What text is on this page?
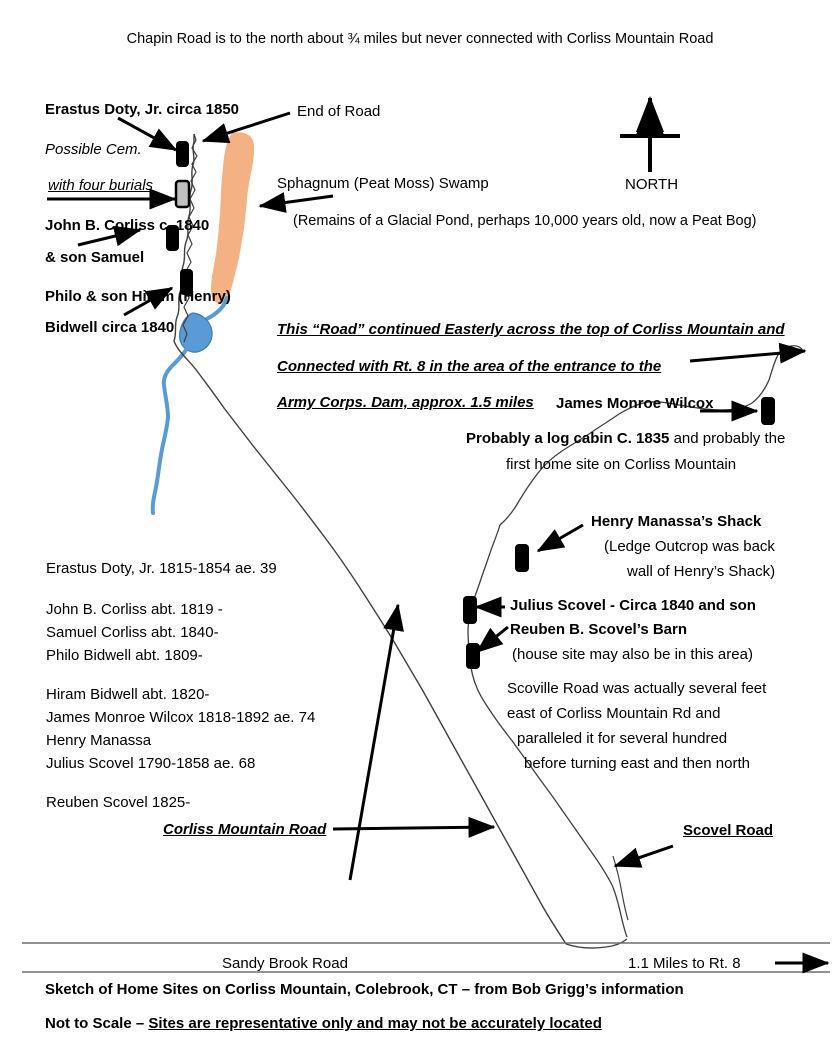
Chapin Road is to the north about ¾ miles but never connected with Corliss Mountain Road
Erastus Doty, Jr. circa 1850	End of Road
Possible Cem.
with four burials	Sphagnum (Peat Moss) Swamp
(Remains of a Glacial Pond, perhaps 10,000 years old, now a Peat Bog)
NORTH
John B. Corliss c. 1840
& son Samuel
Philo & son Hiram (Henry)
Bidwell circa 1840	This “Road” continued Easterly across the top of Corliss Mountain and
Connected with Rt. 8 in the area of the entrance to the
Army Corps. Dam, approx. 1.5 miles James Monroe Wilcox
Probably a log cabin C. 1835 and probably the
first home site on Corliss Mountain
Henry Manassa’s Shack
(Ledge Outcrop was back
wall of Henry’s Shack)
Julius Scovel - Circa 1840 and son
Reuben B. Scovel’s Barn
(house site may also be in this area)
Scoville Road was actually several feet
east of Corliss Mountain Rd and
paralleled it for several hundred
before turning east and then north
Erastus Doty, Jr. 1815-1854 ae. 39
John B. Corliss abt. 1819 -
Samuel Corliss abt. 1840-
Philo Bidwell abt. 1809-
Hiram Bidwell abt. 1820-
James Monroe Wilcox 1818-1892 ae. 74
Henry Manassa
Julius Scovel 1790-1858 ae. 68
Reuben Scovel 1825-
Corliss Mountain Road	Scovel Road
Sandy Brook Road	1.1 Miles to Rt. 8
Sketch of Home Sites on Corliss Mountain, Colebrook, CT – from Bob Grigg’s information
Not to Scale – Sites are representative only and may not be accurately located
